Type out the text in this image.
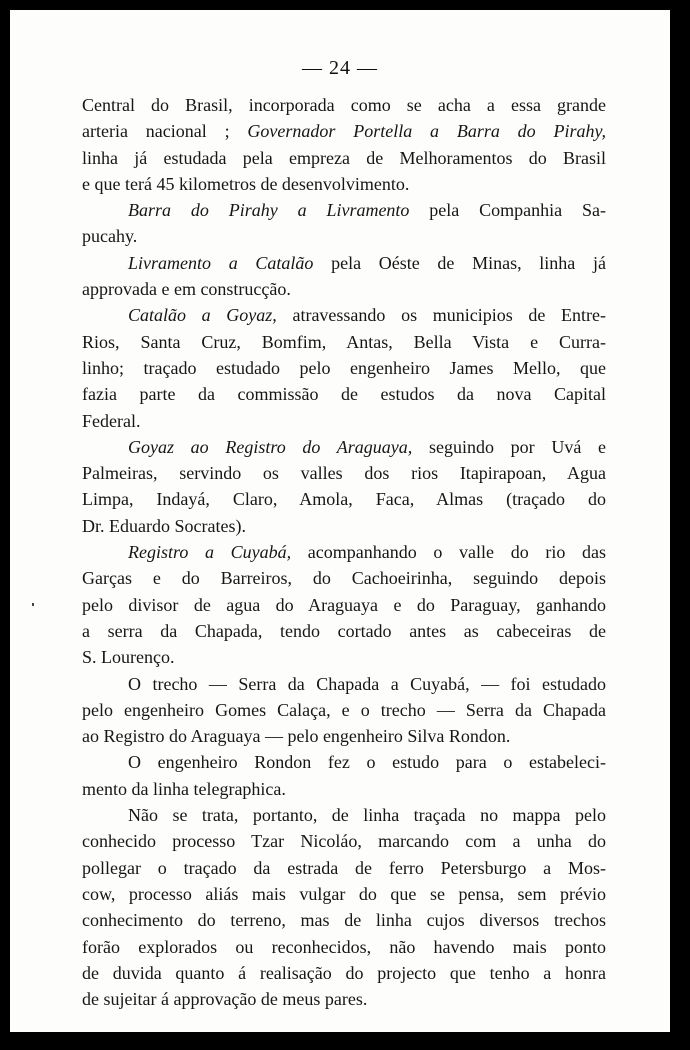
— 24 —
Central do Brasil, incorporada como se acha a essa grande
arteria nacional ; Governador Portella a Barra do Pirahy,
linha já estudada pela empreza de Melhoramentos do Brasil
e que terá 45 kilometros de desenvolvimento.
Barra do Pirahy a Livramento pela Companhia Sa-
pucahy.
Livramento a Catalão pela Oéste de Minas, linha já
approvada e em construcção.
Catalão a Goyaz, atravessando os municipios de Entre-
Rios, Santa Cruz, Bomfim, Antas, Bella Vista e Curra-
linho; traçado estudado pelo engenheiro James Mello, que
fazia parte da commissão de estudos da nova Capital
Federal.
Goyaz ao Registro do Araguaya, seguindo por Uvá e
Palmeiras, servindo os valles dos rios Itapirapoan, Agua
Limpa, Indayá, Claro, Amola, Faca, Almas (traçado do
Dr. Eduardo Socrates).
Registro a Cuyabá, acompanhando o valle do rio das
Garças e do Barreiros, do Cachoeirinha, seguindo depois
pelo divisor de agua do Araguaya e do Paraguay, ganhando
a serra da Chapada, tendo cortado antes as cabeceiras de
S. Lourenço.
O trecho — Serra da Chapada a Cuyabá, — foi estudado
pelo engenheiro Gomes Calaça, e o trecho — Serra da Chapada
ao Registro do Araguaya — pelo engenheiro Silva Rondon.
O engenheiro Rondon fez o estudo para o estabeleci-
mento da linha telegraphica.
Não se trata, portanto, de linha traçada no mappa pelo
conhecido processo Tzar Nicoláo, marcando com a unha do
pollegar o traçado da estrada de ferro Petersburgo a Mos-
cow, processo aliás mais vulgar do que se pensa, sem prévio
conhecimento do terreno, mas de linha cujos diversos trechos
forão explorados ou reconhecidos, não havendo mais ponto
de duvida quanto á realisação do projecto que tenho a honra
de sujeitar á approvação de meus pares.
